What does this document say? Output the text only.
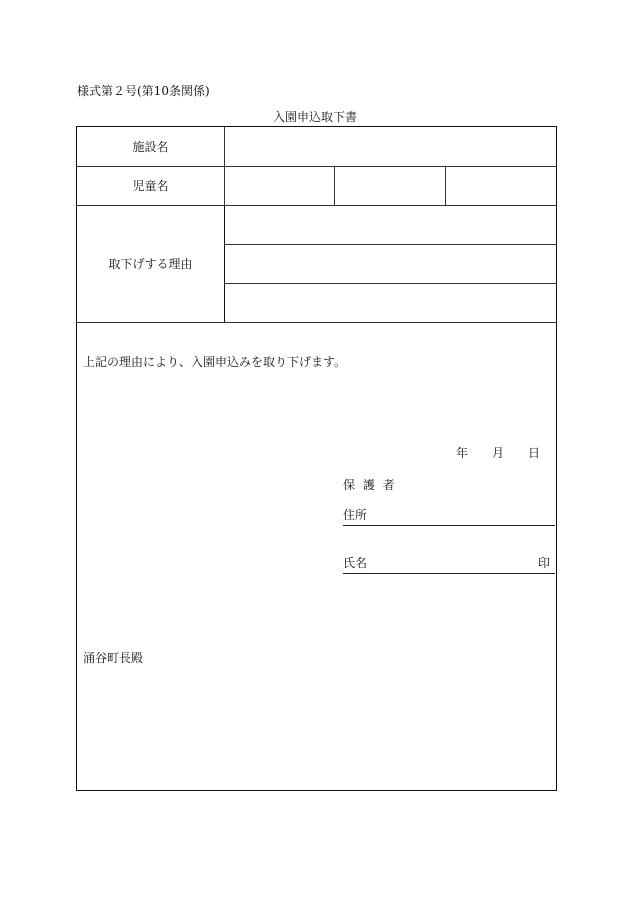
様式第２号(第10条関係)
入園申込取下書
施設名
児童名
取下げする理由
上記の理由により、入園申込みを取り下げます。
年 月 日
保 護 者
住所
氏名	印
涌谷町長殿
